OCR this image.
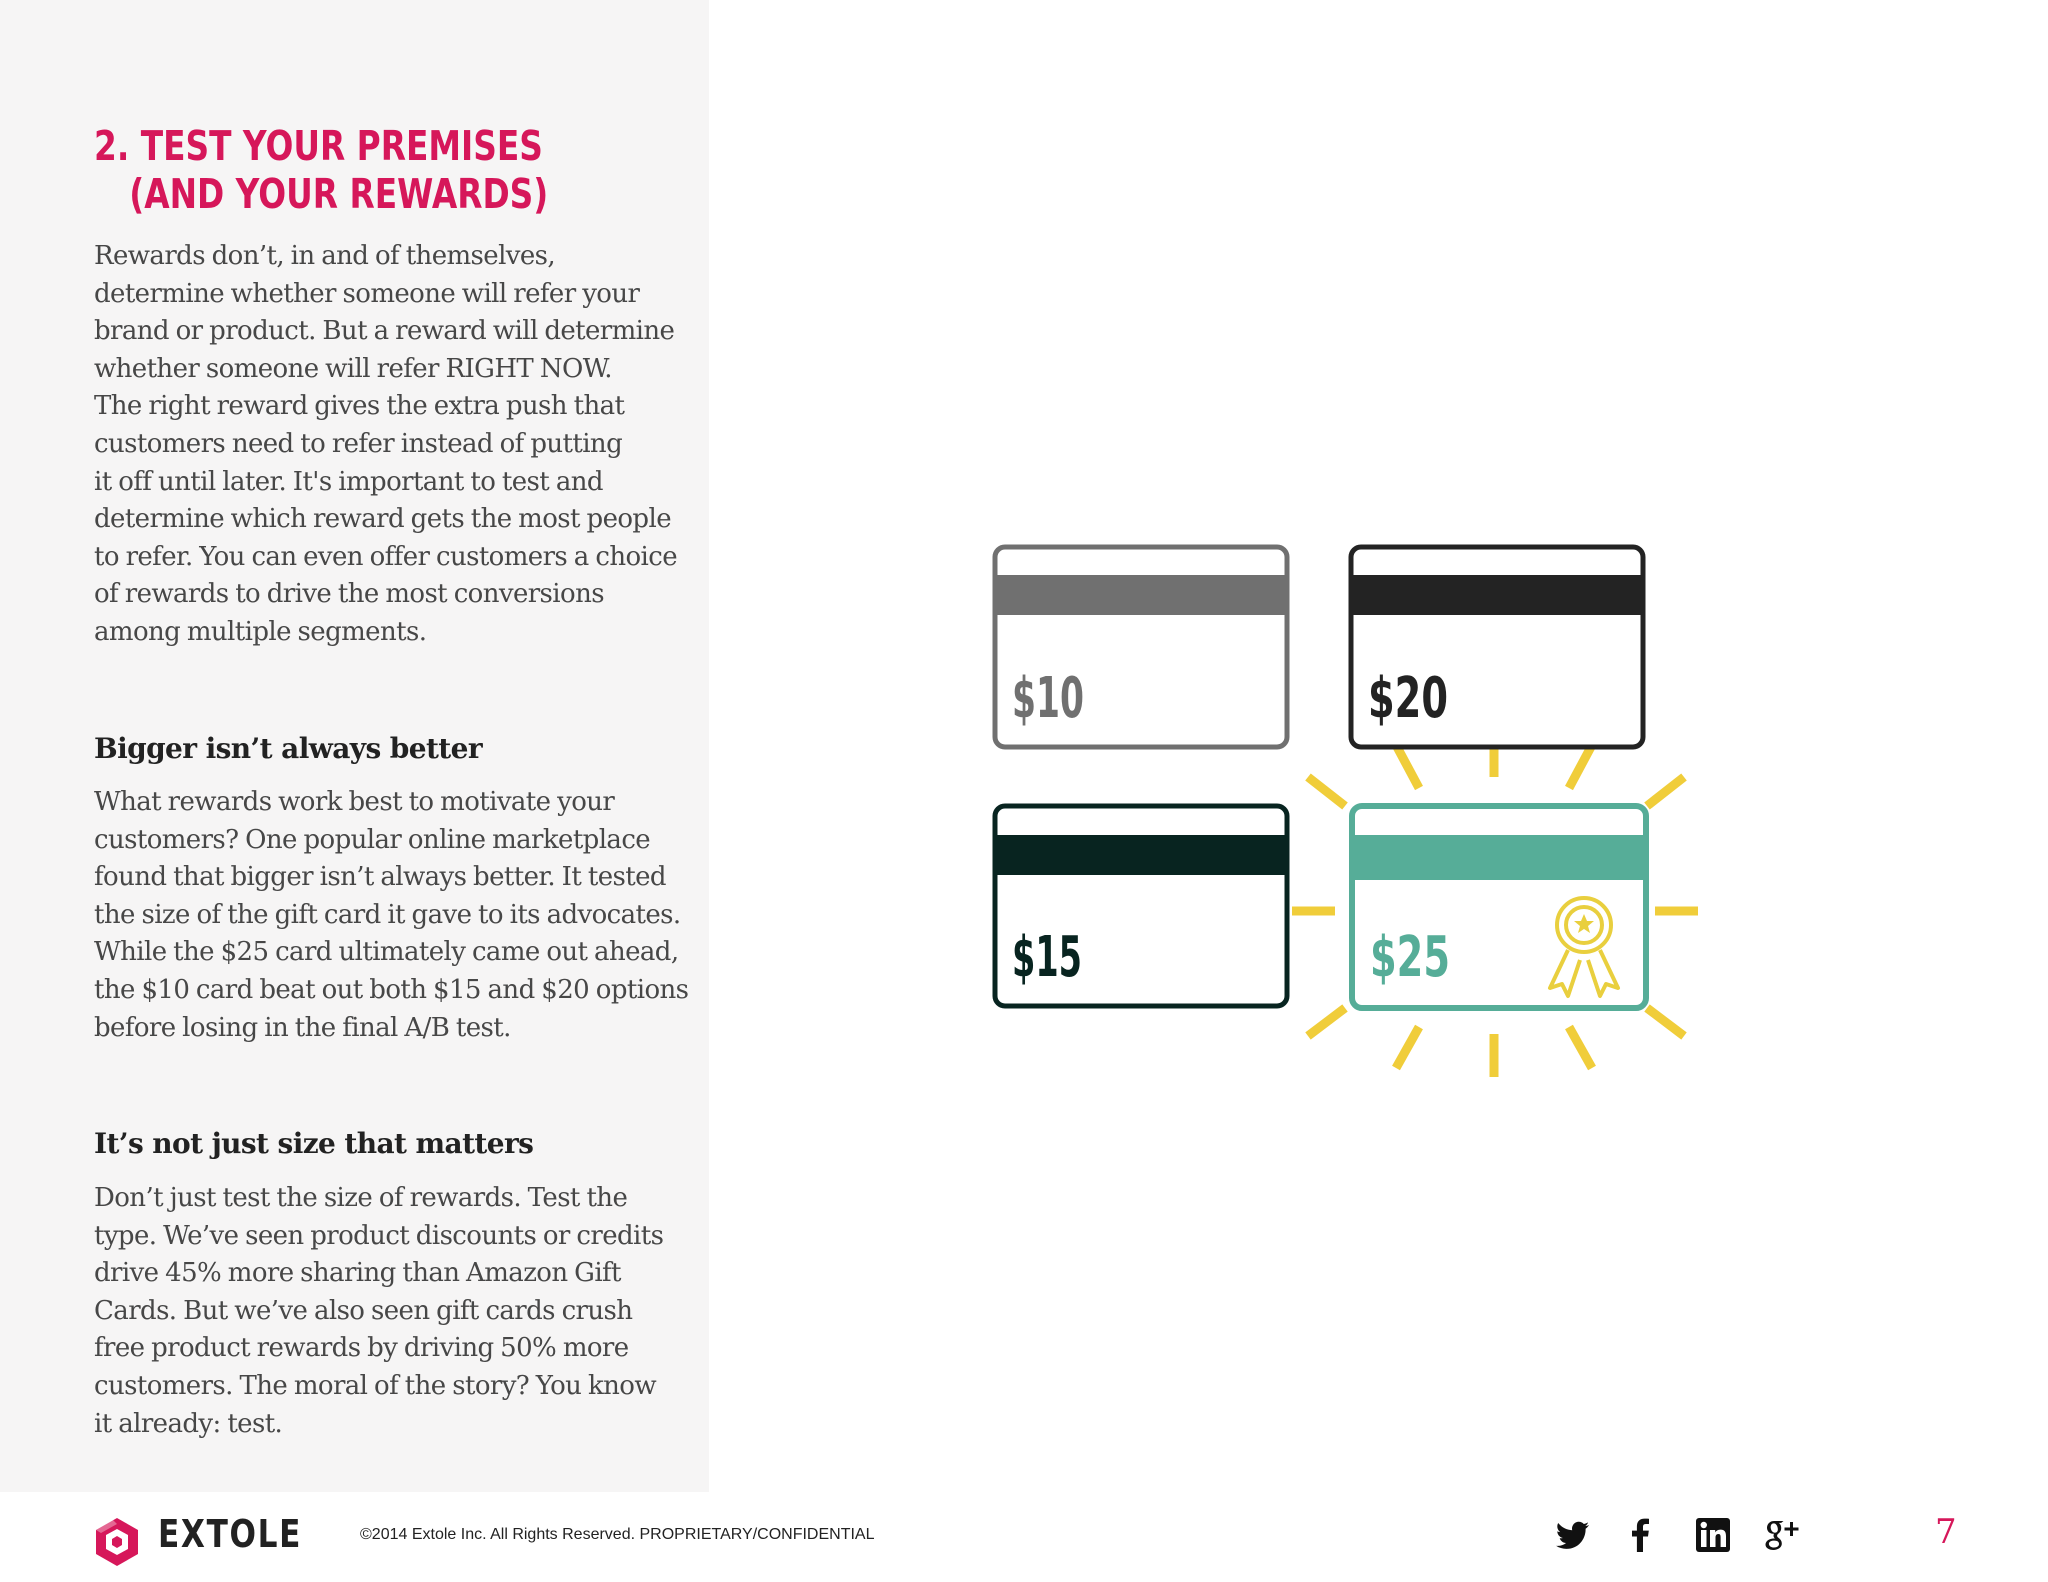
2. TEST YOUR PREMISES
(AND YOUR REWARDS)

Rewards don’t, in and of themselves,
determine whether someone will refer your
brand or product. But a reward will determine
whether someone will refer RIGHT NOW.
The right reward gives the extra push that
customers need to refer instead of putting
it off until later. It's important to test and
determine which reward gets the most people
to refer. You can even offer customers a choice
of rewards to drive the most conversions
among multiple segments.

Bigger isn’t always better

What rewards work best to motivate your
customers? One popular online marketplace
found that bigger isn’t always better. It tested
the size of the gift card it gave to its advocates.
While the $25 card ultimately came out ahead,
the $10 card beat out both $15 and $20 options
before losing in the final A/B test.

It’s not just size that matters

Don’t just test the size of rewards. Test the
type. We’ve seen product discounts or credits
drive 45% more sharing than Amazon Gift
Cards. But we’ve also seen gift cards crush
free product rewards by driving 50% more
customers. The moral of the story? You know
it already: test.

$10	$20
$15	$25
EXTOLE	©2014 Extole Inc. All Rights Reserved. PROPRIETARY/CONFIDENTIAL	7
